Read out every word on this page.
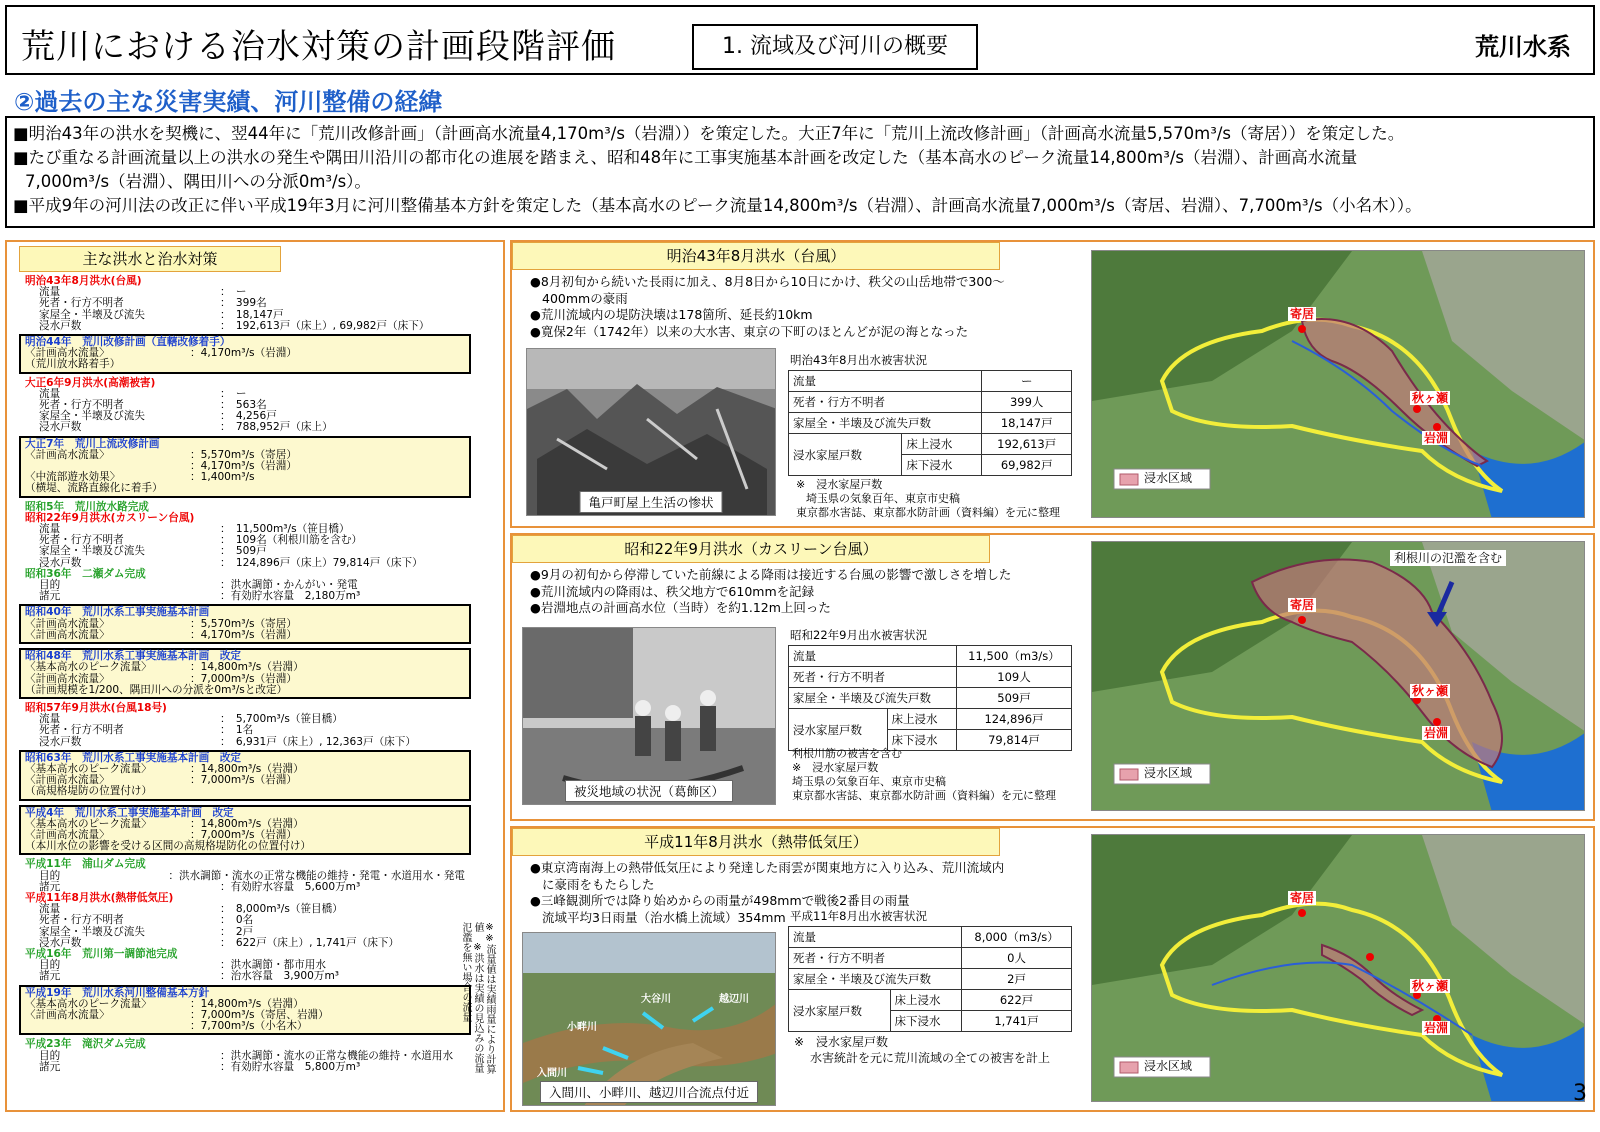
荒川における治水対策の計画段階評価	1. 流域及び河川の概要	荒川水系
②過去の主な災害実績、河川整備の経緯

■明治43年の洪水を契機に、翌44年に「荒川改修計画」（計画高水流量4,170m³/s（岩淵））を策定した。大正7年に「荒川上流改修計画」（計画高水流量5,570m³/s（寄居））を策定した。

■たび重なる計画流量以上の洪水の発生や隅田川沿川の都市化の進展を踏まえ、昭和48年に工事実施基本計画を改定した（基本高水のピーク流量14,800m³/s（岩淵）、計画高水流量

7,000m³/s（岩淵）、隅田川への分派0m³/s）。

■平成9年の河川法の改正に伴い平成19年3月に河川整備基本方針を策定した（基本高水のピーク流量14,800m³/s（岩淵）、計画高水流量7,000m³/s（寄居、岩淵）、7,700m³/s（小名木））。

主な洪水と治水対策
明治43年8月洪水(台風)
流量	：　ー
死者・行方不明者	：　399名
家屋全・半壊及び流失	：　18,147戸
浸水戸数	：　192,613戸（床上）, 69,982戸（床下）
明治44年　荒川改修計画（直轄改修着手）
〈計画高水流量〉	：4,170m³/s（岩淵）
（荒川放水路着手）
大正6年9月洪水(高潮被害)
流量	：　ー
死者・行方不明者	：　563名
家屋全・半壊及び流失	：　4,256戸
浸水戸数	：　788,952戸（床上）
大正7年　荒川上流改修計画
〈計画高水流量〉	：5,570m³/s（寄居）
：4,170m³/s（岩淵）
〈中流部遊水効果〉	：1,400m³/s
（横堤、流路直線化に着手）
昭和5年　荒川放水路完成
昭和22年9月洪水(カスリーン台風)
流量	：　11,500m³/s（笹目橋）
死者・行方不明者	：　109名（利根川筋を含む）
家屋全・半壊及び流失	：　509戸
浸水戸数	：　124,896戸（床上）79,814戸（床下）
昭和36年　二瀬ダム完成
目的	：洪水調節・かんがい・発電
諸元	：有効貯水容量　2,180万m³
昭和40年　荒川水系工事実施基本計画
〈計画高水流量〉	：5,570m³/s（寄居）
〈計画高水流量〉	：4,170m³/s（岩淵）
昭和48年　荒川水系工事実施基本計画　改定
〈基本高水のピーク流量〉	：14,800m³/s（岩淵）
〈計画高水流量〉	：7,000m³/s（岩淵）
（計画規模を1/200、隅田川への分派を0m³/sと改定）
昭和57年9月洪水(台風18号)
流量	：　5,700m³/s（笹目橋）
死者・行方不明者	：　1名
浸水戸数	：　6,931戸（床上）, 12,363戸（床下）
昭和63年　荒川水系工事実施基本計画　改定
〈基本高水のピーク流量〉	：14,800m³/s（岩淵）
〈計画高水流量〉	：7,000m³/s（岩淵）
（高規格堤防の位置付け）
平成4年　荒川水系工事実施基本計画　改定
〈基本高水のピーク流量〉	：14,800m³/s（岩淵）
〈計画高水流量〉	：7,000m³/s（岩淵）
（本川水位の影響を受ける区間の高規格堤防化の位置付け）
平成11年　浦山ダム完成
目的	：洪水調節・流水の正常な機能の維持・発電・水道用水・発電
諸元	：有効貯水容量　5,600万m³
平成11年8月洪水(熱帯低気圧)
流量	：　8,000m³/s（笹目橋）
死者・行方不明者	：　0名
家屋全・半壊及び流失	：　2戸
浸水戸数	：　622戸（床上）, 1,741戸（床下）
平成16年　荒川第一調節池完成
目的	：洪水調節・都市用水
諸元	：治水容量　3,900万m³
平成19年　荒川水系河川整備基本方針
〈基本高水のピーク流量〉	：14,800m³/s（岩淵）
〈計画高水流量〉	：7,000m³/s（寄居、岩淵）
：7,700m³/s（小名木）
平成23年　滝沢ダム完成
目的	：洪水調節・流水の正常な機能の維持・水道用水
諸元	：有効貯水容量　5,800万m³	※※流量値は実績雨量により計算値　※洪水は実績の見込みの流量　氾濫を無い場合の流量
明治43年8月洪水（台風）
●8月初旬から続いた長雨に加え、8月8日から10日にかけ、秩父の山岳地帯で300～
400mmの豪雨
●荒川流域内の堤防決壊は178箇所、延長約10km
●寛保2年（1742年）以来の大水害、東京の下町のほとんどが泥の海となった
亀戸町屋上生活の惨状
明治43年8月出水被害状況
流量		ー
死者・行方不明者		399人
家屋全・半壊及び流失戸数		18,147戸
浸水家屋戸数	床上浸水	192,613戸
	床下浸水	69,982戸
※　浸水家屋戸数
埼玉県の気象百年、東京市史稿
東京都水害誌、東京都水防計画（資料編）を元に整理
浸水区域
寄居
秋ヶ瀬
岩淵
昭和22年9月洪水（カスリーン台風）
●9月の初旬から停滞していた前線による降雨は接近する台風の影響で激しさを増した
●荒川流域内の降雨は、秩父地方で610mmを記録
●岩淵地点の計画高水位（当時）を約1.12m上回った
被災地域の状況（葛飾区）
昭和22年9月出水被害状況
流量		11,500（m3/s）
死者・行方不明者		109人
家屋全・半壊及び流失戸数		509戸
浸水家屋戸数	床上浸水	124,896戸
	床下浸水	79,814戸
利根川筋の被害を含む
※　浸水家屋戸数
埼玉県の気象百年、東京市史稿
東京都水害誌、東京都水防計画（資料編）を元に整理
浸水区域
利根川の氾濫を含む
寄居
秋ヶ瀬
岩淵
平成11年8月洪水（熱帯低気圧）
●東京湾南海上の熱帯低気圧により発達した雨雲が関東地方に入り込み、荒川流域内
に豪雨をもたらした
●三峰観測所では降り始めからの雨量が498mmで戦後2番目の雨量
流域平均3日雨量（治水橋上流域）354mm
大谷川	越辺川
小畔川
入間川
入間川、小畔川、越辺川合流点付近
平成11年8月出水被害状況
流量		8,000（m3/s）
死者・行方不明者		0人
家屋全・半壊及び流失戸数		2戸
浸水家屋戸数	床上浸水	622戸
	床下浸水	1,741戸
※　浸水家屋戸数
水害統計を元に荒川流域の全ての被害を計上
浸水区域
寄居
秋ヶ瀬
岩淵
3
